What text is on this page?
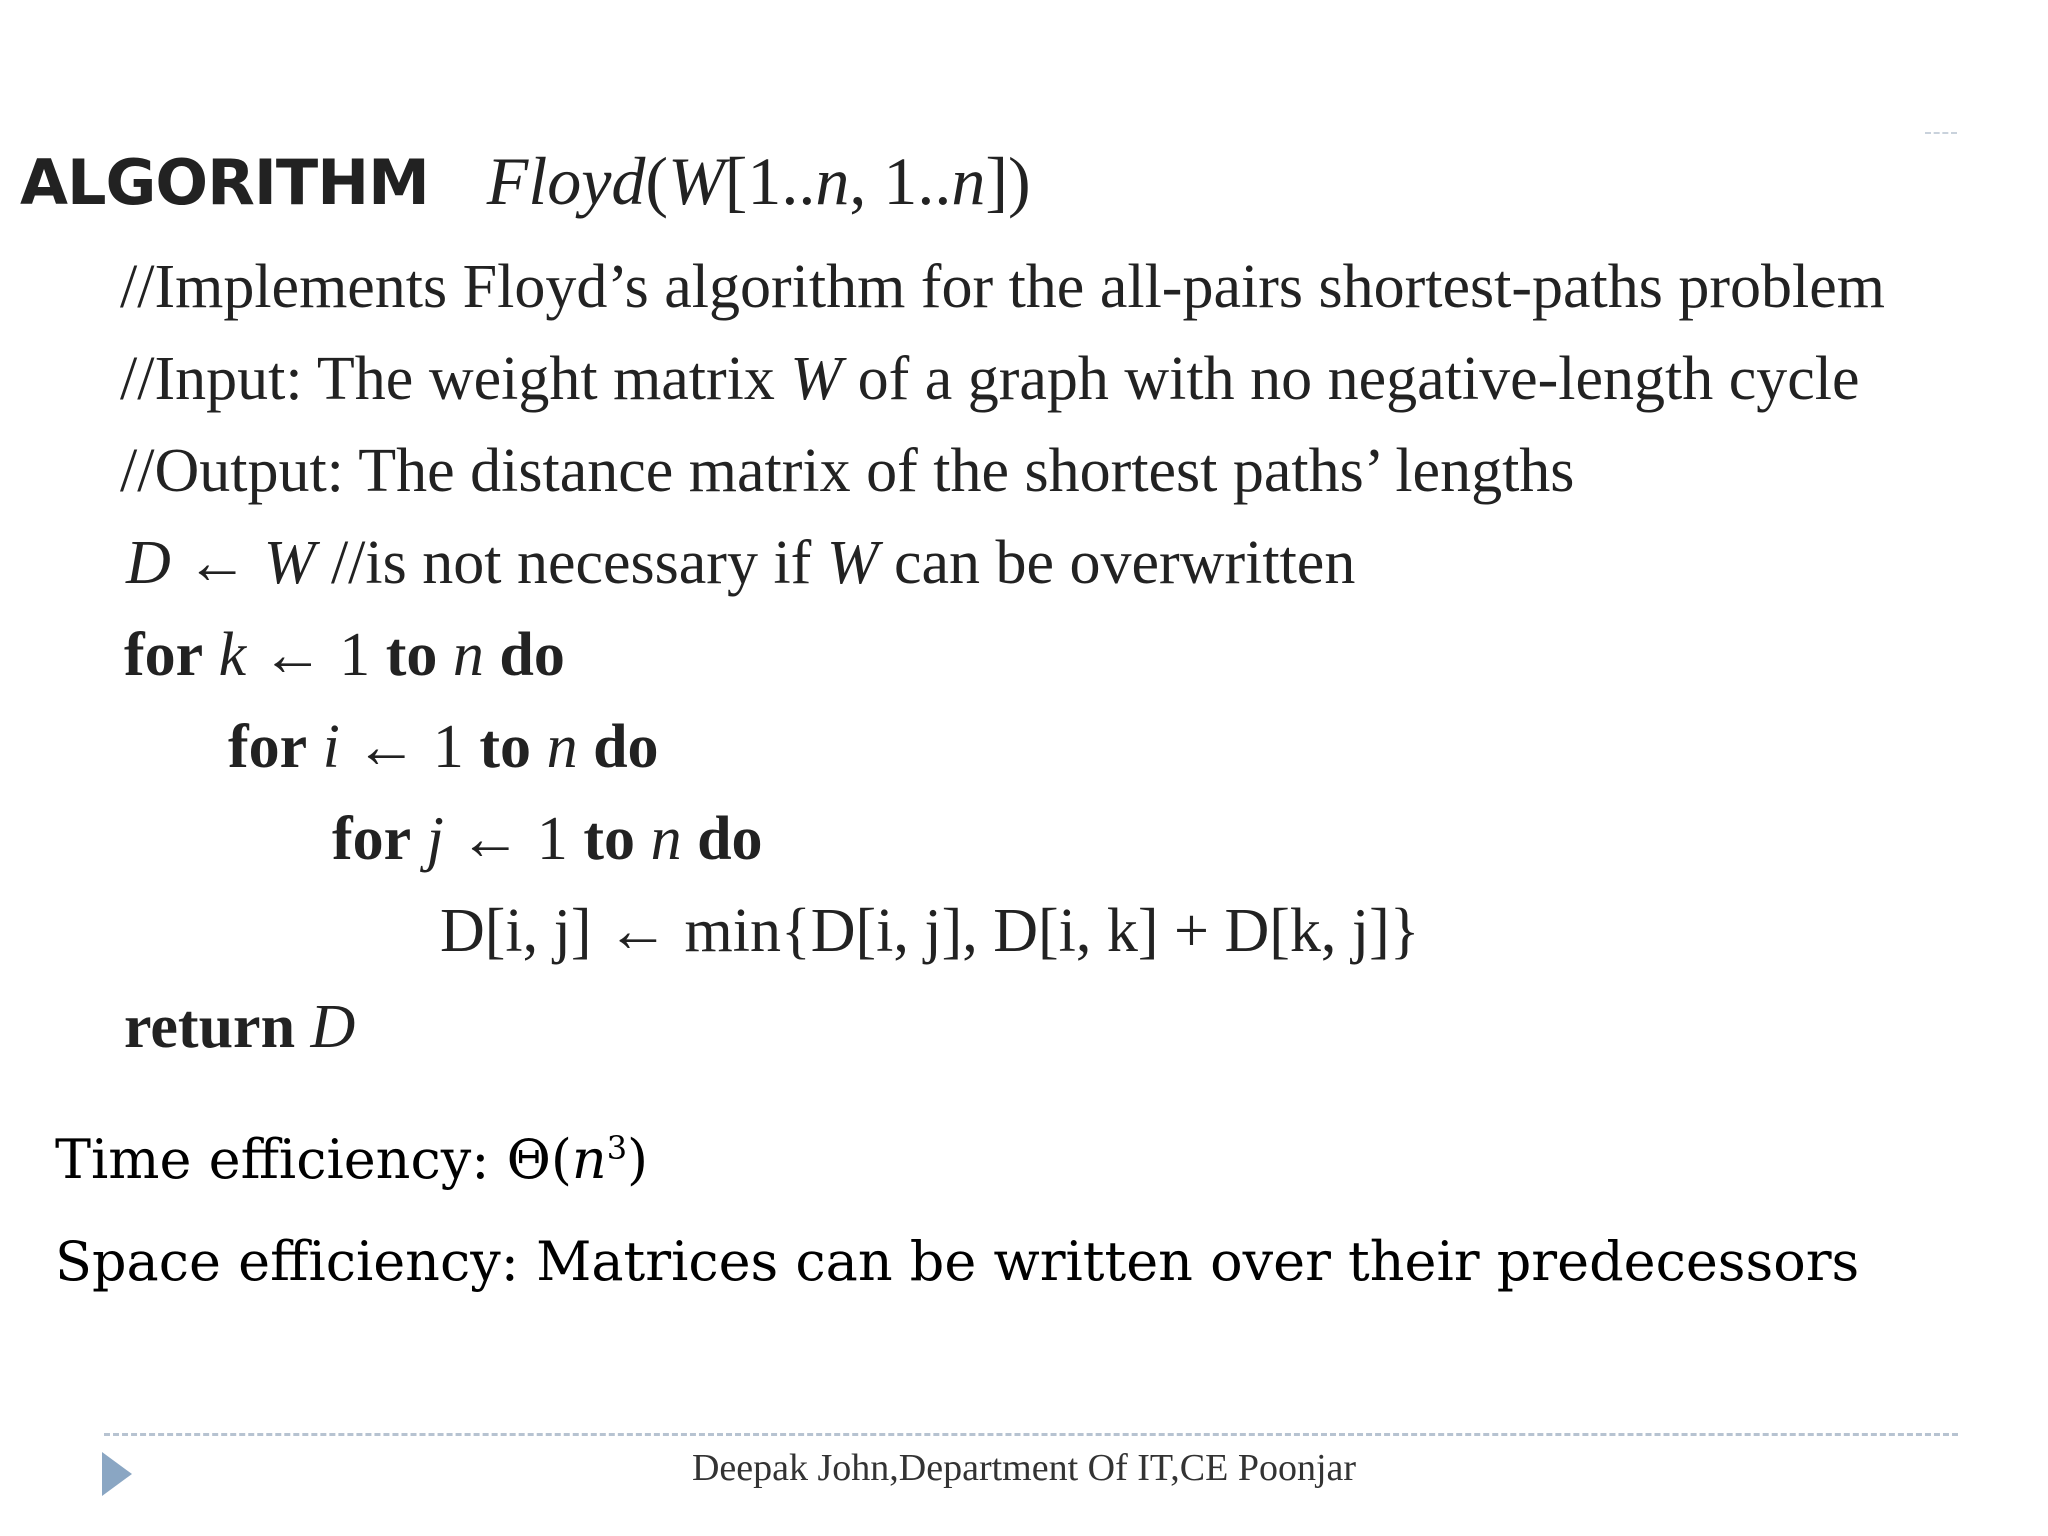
ALGORITHM Floyd(W[1..n, 1..n])
//Implements Floyd’s algorithm for the all-pairs shortest-paths problem
//Input: The weight matrix W of a graph with no negative-length cycle
//Output: The distance matrix of the shortest paths’ lengths
D ← W //is not necessary if W can be overwritten
for k ← 1 to n do
for i ← 1 to n do
for j ← 1 to n do
D[i, j] ← min{D[i, j], D[i, k] + D[k, j]}
return D
Time efficiency: $\Theta(n^3)$
Space efficiency: Matrices can be written over their predecessors
Deepak John,Department Of IT,CE Poonjar
